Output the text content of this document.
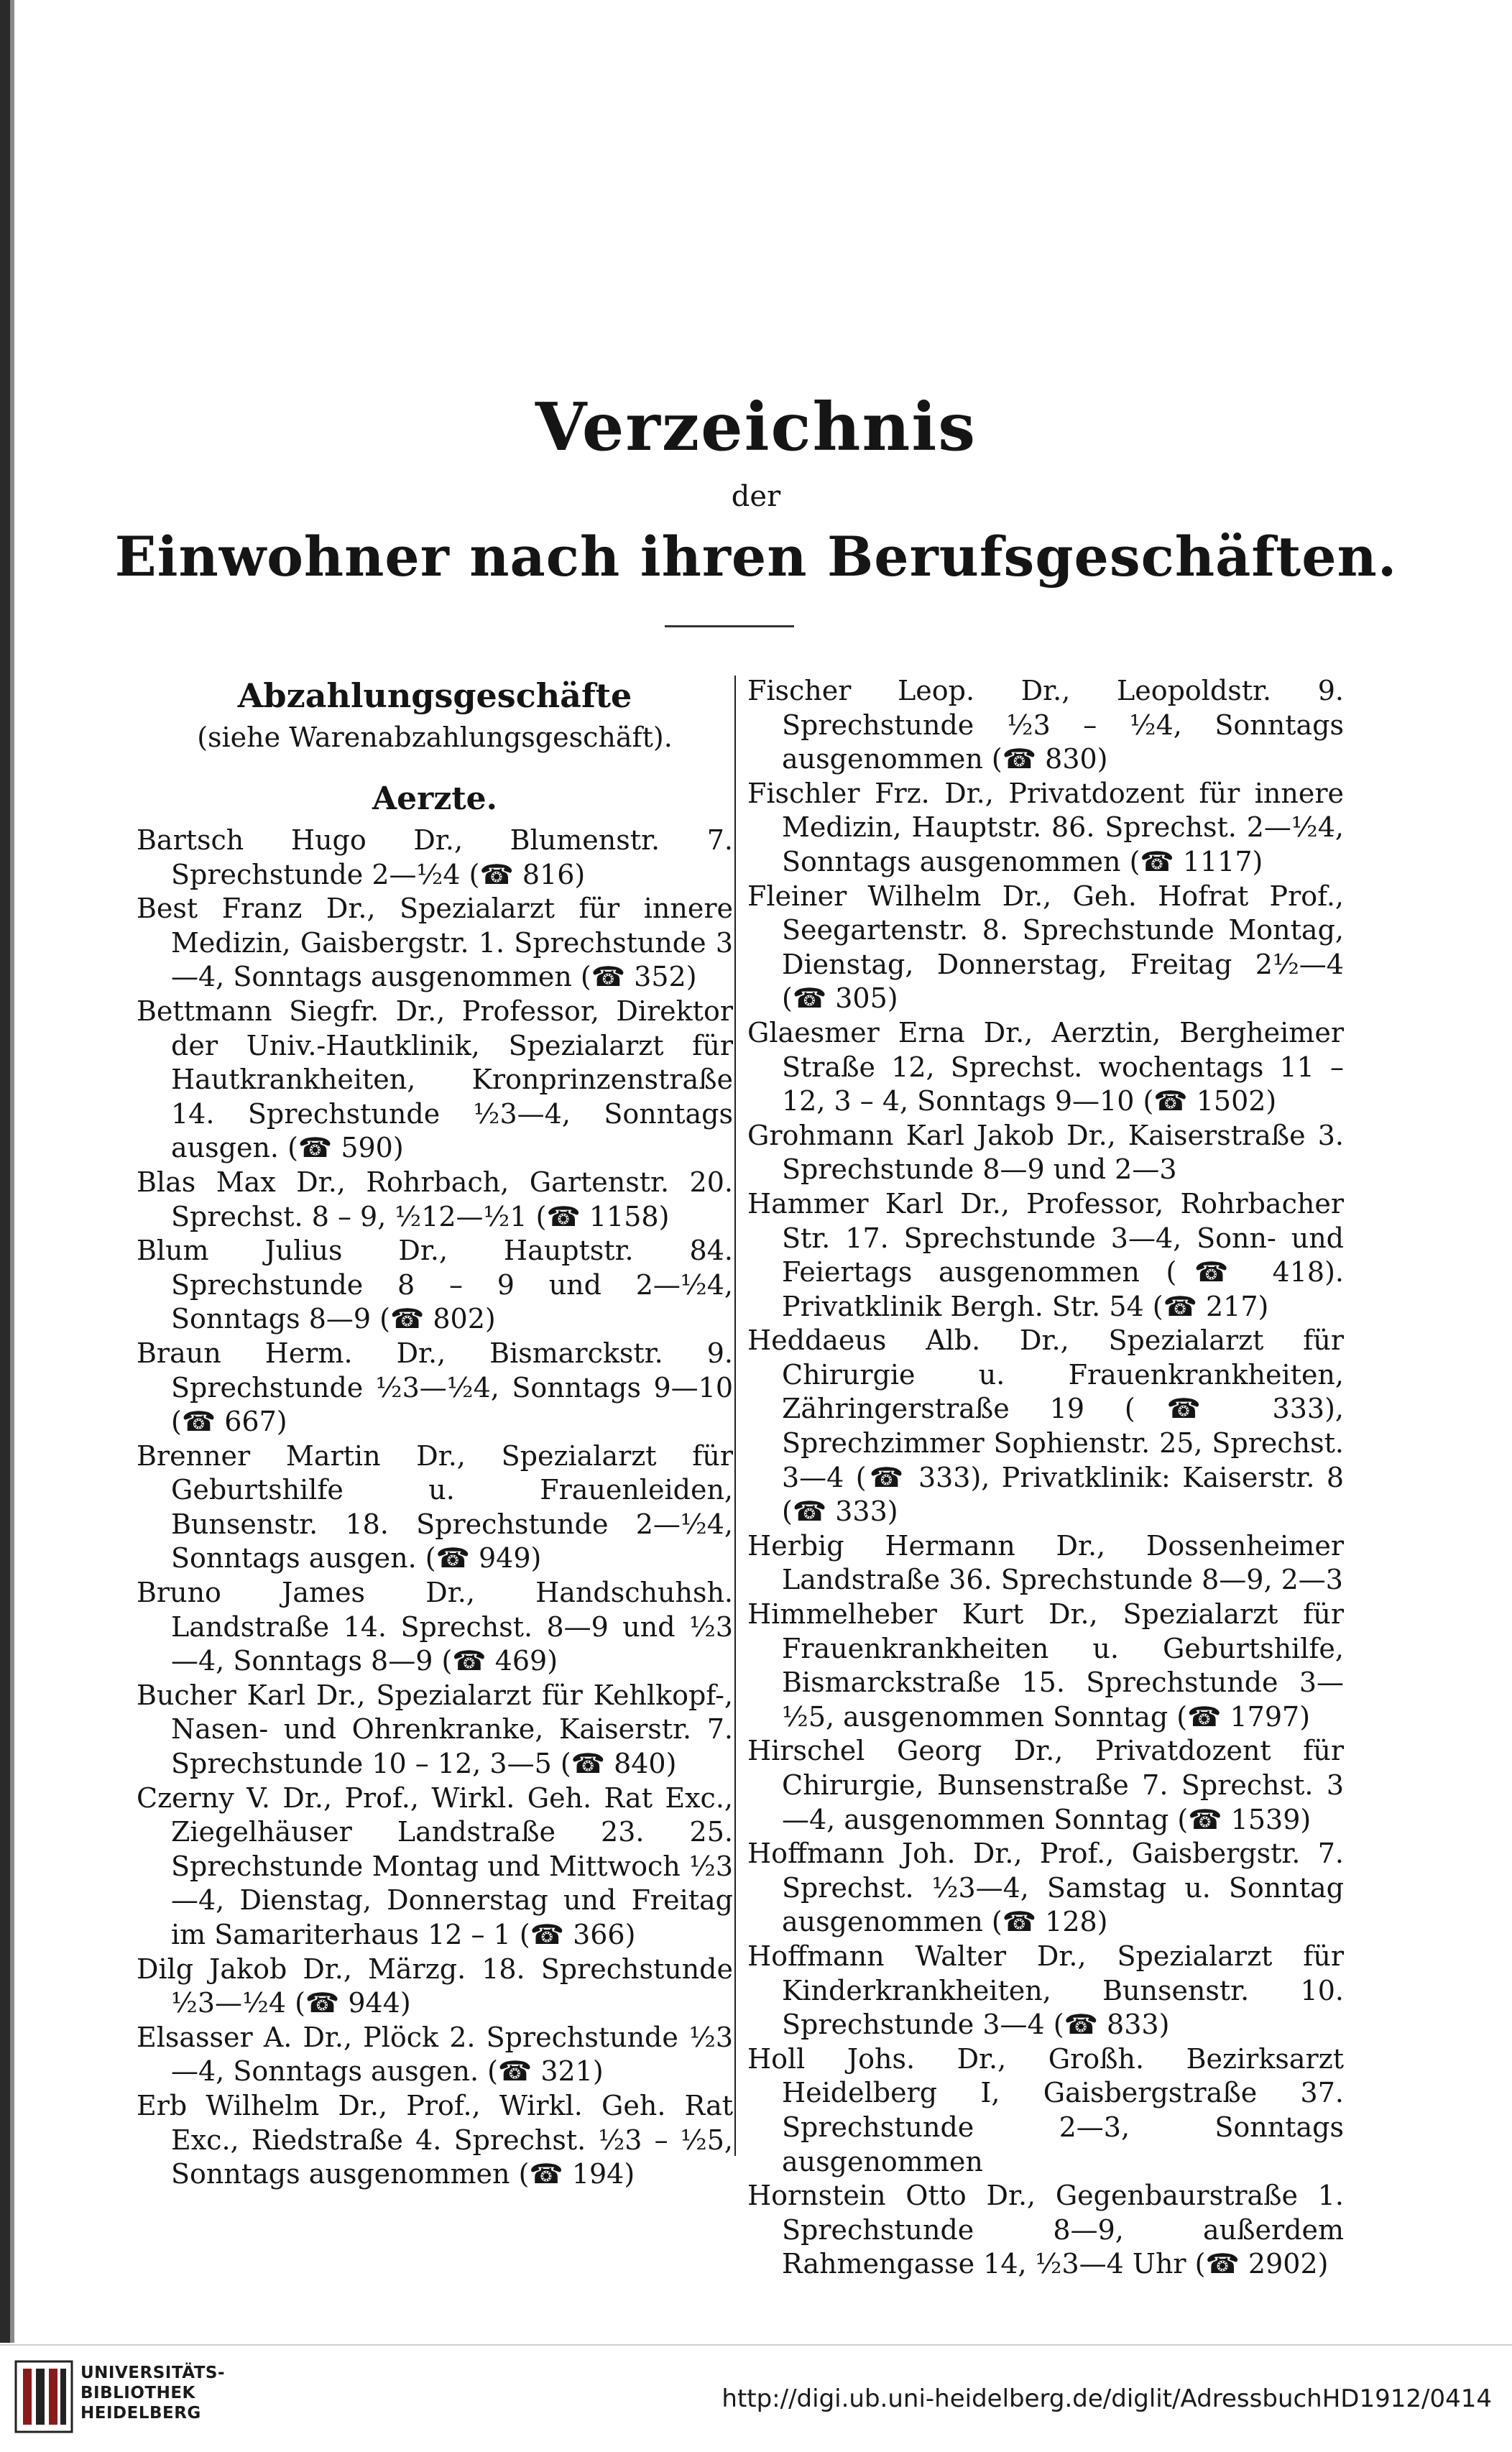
Verzeichnis
der
Einwohner nach ihren Berufsgeschäften.
Abzahlungsgeschäfte
(siehe Warenabzahlungsgeschäft).
Aerzte.

Bartsch Hugo Dr., Blumenstr. 7. Sprechstunde 2—½4 (☎ 816)

Best Franz Dr., Spezialarzt für innere Medizin, Gaisbergstr. 1. Sprechstunde 3—4, Sonntags ausgenommen (☎ 352)

Bettmann Siegfr. Dr., Professor, Direktor der Univ.-Hautklinik, Spezialarzt für Hautkrankheiten, Kronprinzenstraße 14. Sprechstunde ½3—4, Sonntags ausgen. (☎ 590)

Blas Max Dr., Rohrbach, Gartenstr. 20. Sprechst. 8 – 9, ½12—½1 (☎ 1158)

Blum Julius Dr., Hauptstr. 84. Sprechstunde 8 – 9 und 2—½4, Sonntags 8—9 (☎ 802)

Braun Herm. Dr., Bismarckstr. 9. Sprechstunde ½3—½4, Sonntags 9—10 (☎ 667)

Brenner Martin Dr., Spezialarzt für Geburtshilfe u. Frauenleiden, Bunsenstr. 18. Sprechstunde 2—½4, Sonntags ausgen. (☎ 949)

Bruno James Dr., Handschuhsh. Landstraße 14. Sprechst. 8—9 und ½3—4, Sonntags 8—9 (☎ 469)

Bucher Karl Dr., Spezialarzt für Kehlkopf-, Nasen- und Ohrenkranke, Kaiserstr. 7. Sprechstunde 10 – 12, 3—5 (☎ 840)

Czerny V. Dr., Prof., Wirkl. Geh. Rat Exc., Ziegelhäuser Landstraße 23. 25. Sprechstunde Montag und Mittwoch ½3—4, Dienstag, Donnerstag und Freitag im Samariterhaus 12 – 1 (☎ 366)

Dilg Jakob Dr., Märzg. 18. Sprechstunde ½3—½4 (☎ 944)

Elsasser A. Dr., Plöck 2. Sprechstunde ½3—4, Sonntags ausgen. (☎ 321)

Erb Wilhelm Dr., Prof., Wirkl. Geh. Rat Exc., Riedstraße 4. Sprechst. ½3 – ½5, Sonntags ausgenommen (☎ 194)

Fischer Leop. Dr., Leopoldstr. 9. Sprechstunde ½3 – ½4, Sonntags ausgenommen (☎ 830)

Fischler Frz. Dr., Privatdozent für innere Medizin, Hauptstr. 86. Sprechst. 2—½4, Sonntags ausgenommen (☎ 1117)

Fleiner Wilhelm Dr., Geh. Hofrat Prof., Seegartenstr. 8. Sprechstunde Montag, Dienstag, Donnerstag, Freitag 2½—4 (☎ 305)

Glaesmer Erna Dr., Aerztin, Bergheimer Straße 12, Sprechst. wochentags 11 – 12, 3 – 4, Sonntags 9—10 (☎ 1502)

Grohmann Karl Jakob Dr., Kaiserstraße 3. Sprechstunde 8—9 und 2—3

Hammer Karl Dr., Professor, Rohrbacher Str. 17. Sprechstunde 3—4, Sonn- und Feiertags ausgenommen (☎ 418). Privatklinik Bergh. Str. 54 (☎ 217)

Heddaeus Alb. Dr., Spezialarzt für Chirurgie u. Frauenkrankheiten, Zähringerstraße 19 (☎ 333), Sprechzimmer Sophienstr. 25, Sprechst. 3—4 (☎ 333), Privatklinik: Kaiserstr. 8 (☎ 333)

Herbig Hermann Dr., Dossenheimer Landstraße 36. Sprechstunde 8—9, 2—3

Himmelheber Kurt Dr., Spezialarzt für Frauenkrankheiten u. Geburtshilfe, Bismarckstraße 15. Sprechstunde 3—½5, ausgenommen Sonntag (☎ 1797)

Hirschel Georg Dr., Privatdozent für Chirurgie, Bunsenstraße 7. Sprechst. 3—4, ausgenommen Sonntag (☎ 1539)

Hoffmann Joh. Dr., Prof., Gaisbergstr. 7. Sprechst. ½3—4, Samstag u. Sonntag ausgenommen (☎ 128)

Hoffmann Walter Dr., Spezialarzt für Kinderkrankheiten, Bunsenstr. 10. Sprechstunde 3—4 (☎ 833)

Holl Johs. Dr., Großh. Bezirksarzt Heidelberg I, Gaisbergstraße 37. Sprechstunde 2—3, Sonntags ausgenommen

Hornstein Otto Dr., Gegenbaurstraße 1. Sprechstunde 8—9, außerdem Rahmengasse 14, ½3—4 Uhr (☎ 2902)

UNIVERSITÄTS-
BIBLIOTHEK
HEIDELBERG	http://digi.ub.uni-heidelberg.de/diglit/AdressbuchHD1912/0414
